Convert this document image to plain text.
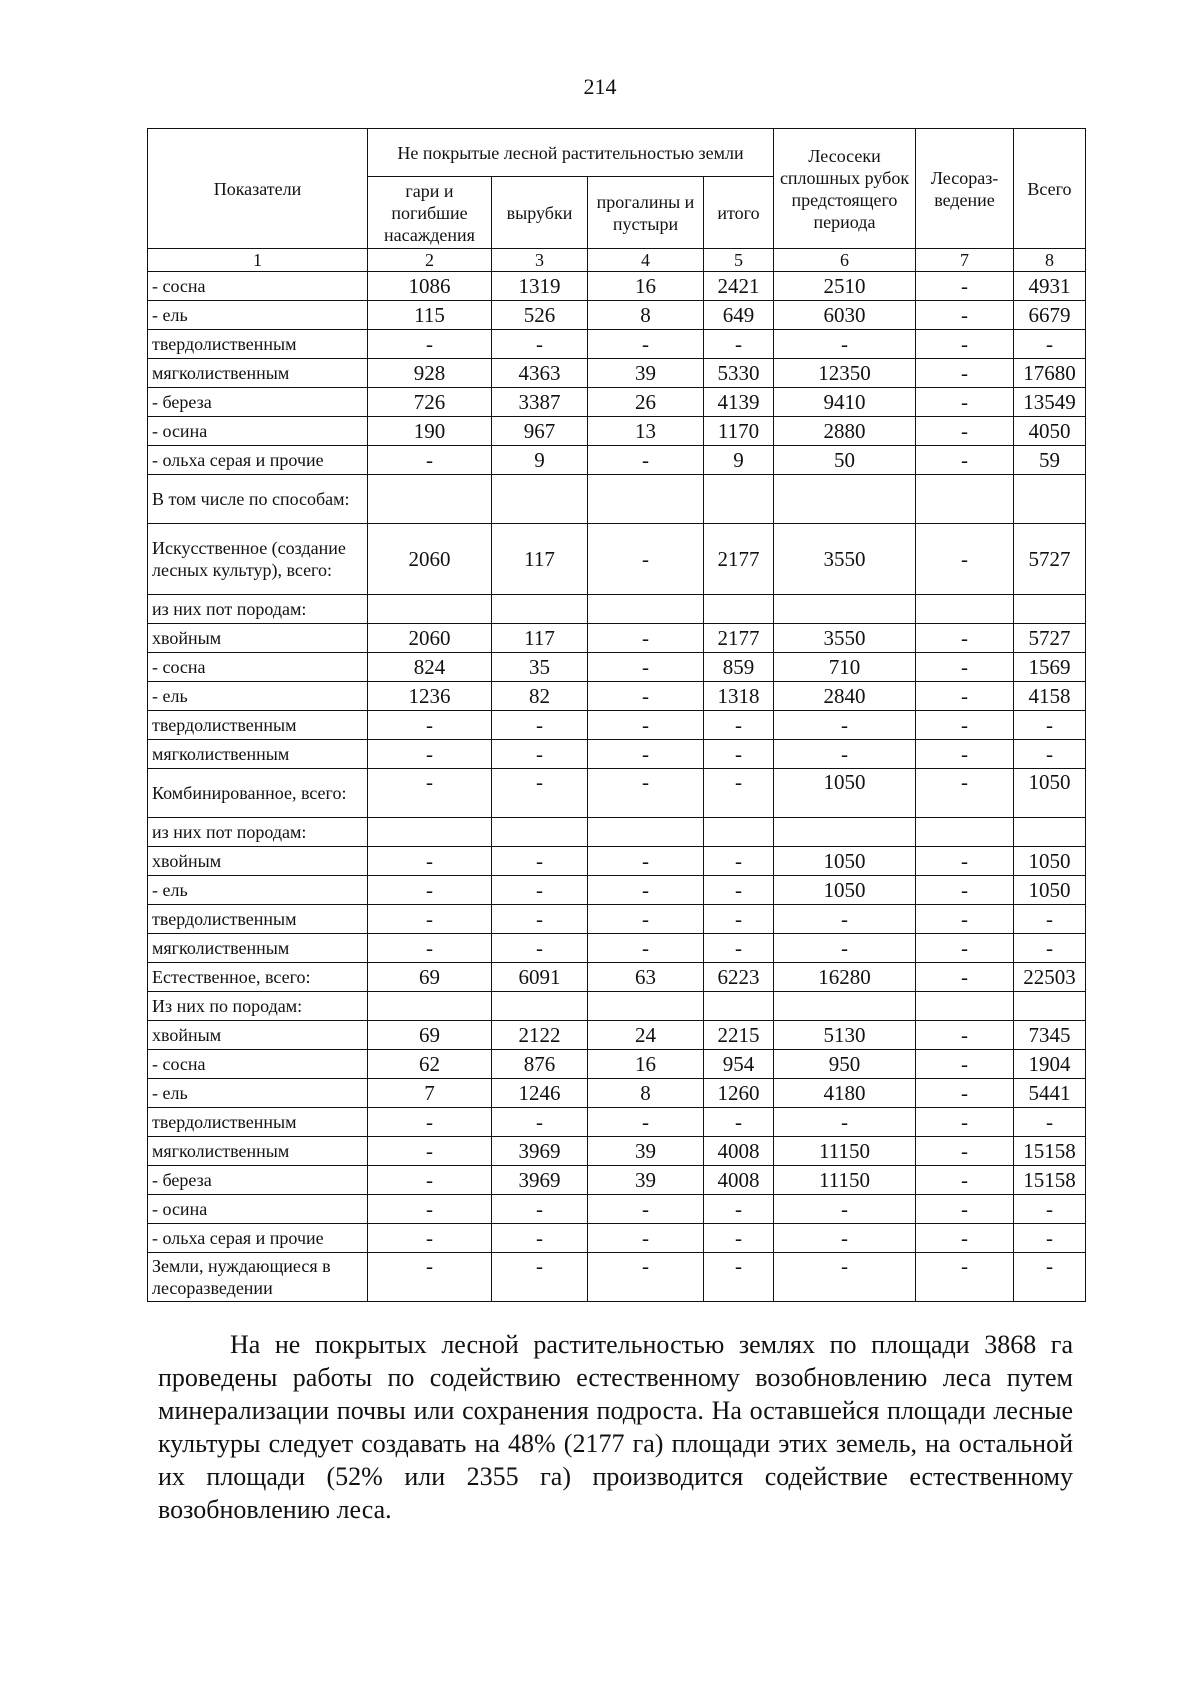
214
Показатели	Не покрытые лесной растительностью земли				Лесосеки сплошных рубок предстоящего периода	Лесораз-ведение	Всего
	гари и погибшие насаждения	вырубки	прогалины и пустыри	итого			
1	2	3	4	5	6	7	8
- сосна	1086	1319	16	2421	2510	-	4931
- ель	115	526	8	649	6030	-	6679
твердолиственным	-	-	-	-	-	-	-
мягколиственным	928	4363	39	5330	12350	-	17680
- береза	726	3387	26	4139	9410	-	13549
- осина	190	967	13	1170	2880	-	4050
- ольха серая и прочие	-	9	-	9	50	-	59
В том числе по способам:							
Искусственное (создание лесных культур), всего:	2060	117	-	2177	3550	-	5727
из них пот породам:							
хвойным	2060	117	-	2177	3550	-	5727
- сосна	824	35	-	859	710	-	1569
- ель	1236	82	-	1318	2840	-	4158
твердолиственным	-	-	-	-	-	-	-
мягколиственным	-	-	-	-	-	-	-
Комбинированное, всего:	-	-	-	-	1050	-	1050
из них пот породам:							
хвойным	-	-	-	-	1050	-	1050
- ель	-	-	-	-	1050	-	1050
твердолиственным	-	-	-	-	-	-	-
мягколиственным	-	-	-	-	-	-	-
Естественное, всего:	69	6091	63	6223	16280	-	22503
Из них по породам:							
хвойным	69	2122	24	2215	5130	-	7345
- сосна	62	876	16	954	950	-	1904
- ель	7	1246	8	1260	4180	-	5441
твердолиственным	-	-	-	-	-	-	-
мягколиственным	-	3969	39	4008	11150	-	15158
- береза	-	3969	39	4008	11150	-	15158
- осина	-	-	-	-	-	-	-
- ольха серая и прочие	-	-	-	-	-	-	-
Земли, нуждающиеся в лесоразведении	-	-	-	-	-	-	-

На не покрытых лесной растительностью землях по площади 3868 га проведены работы по содействию естественному возобновлению леса путем минерализации почвы или сохранения подроста. На оставшейся площади лесные культуры следует создавать на 48% (2177 га) площади этих земель, на остальной их площади (52% или 2355 га) производится содействие естественному возобновлению леса.
